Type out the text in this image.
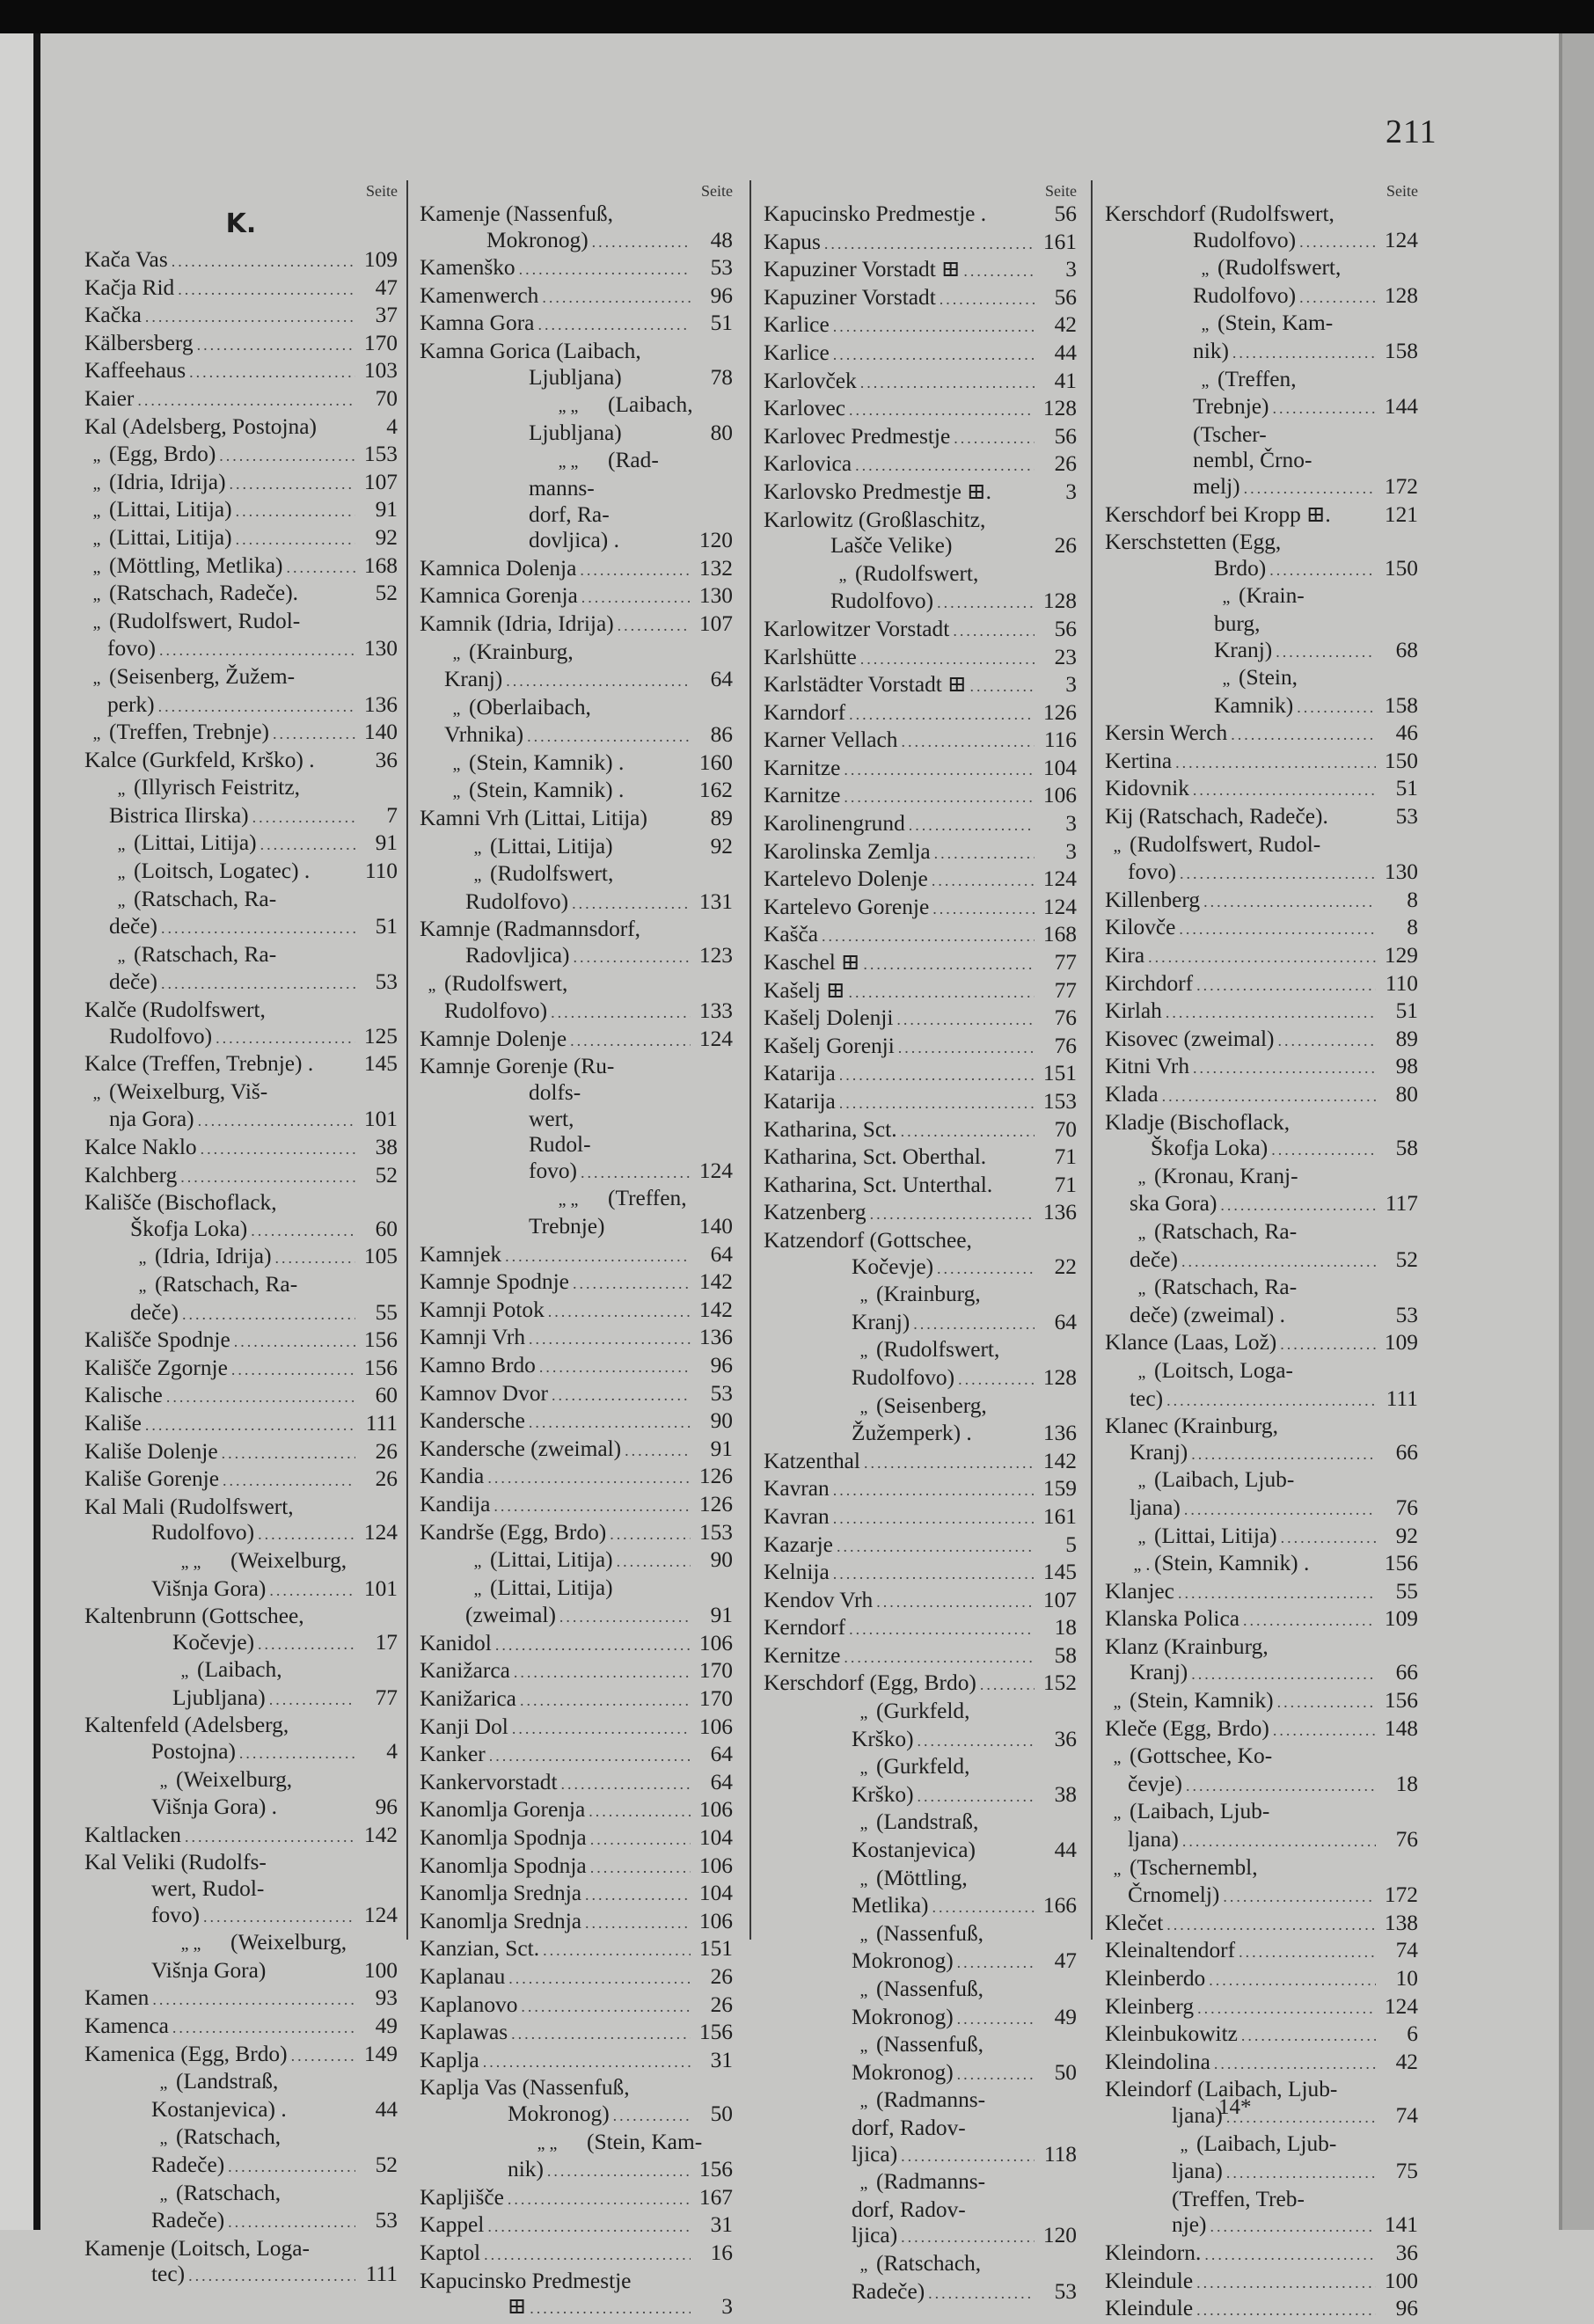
211
Seite
K.
Kača Vas .....	109
Kačja Rid .....	47
Kačka .....	37
Kälbersberg .....	170
Kaffeehaus .....	103
Kaier .....	70
Kal (Adelsberg, Postojna)	4
„ (Egg, Brdo) .....	153
„ (Idria, Idrija) .....	107
„ (Littai, Litija) .....	91
„ (Littai, Litija) .....	92
„ (Möttling, Metlika) .....	168
„ (Ratschach, Radeče).	52
„ (Rudolfswert, Rudol-
fovo) .....	130
„ (Seisenberg, Žužem-
perk) .....	136
„ (Treffen, Trebnje) .....	140
Kalce (Gurkfeld, Krško) .	36
„ (Illyrisch Feistritz,
Bistrica Ilirska) .....	7
„ (Littai, Litija) .....	91
„ (Loitsch, Logatec) . 110
„ (Ratschach, Ra-
deče) .....	51
„ (Ratschach, Ra-
deče) .....	53
Kalče (Rudolfswert,
Rudolfovo) .....	125
Kalce (Treffen, Trebnje) . 145
„ (Weixelburg, Viš-
nja Gora) .....	101
Kalce Naklo .....	38
Kalchberg .....	52
Kališče (Bischoflack,
Škofja Loka) .....	60
„ (Idria, Idrija) .....	105
„ (Ratschach, Ra-
deče) .....	55
Kališče Spodnje .....	156
Kališče Zgornje .....	156
Kalische .....	60
Kališe .....	111
Kališe Dolenje .....	26
Kališe Gorenje .....	26
Kal Mali (Rudolfswert,
Rudolfovo) .....	124
„ „	(Weixelburg,
Višnja Gora) .....	101
Kaltenbrunn (Gottschee,
Kočevje) .....	17
„ (Laibach,
Ljubljana) .....	77
Kaltenfeld (Adelsberg,
Postojna) .....	4
„ (Weixelburg,
Višnja Gora) .	96
Kaltlacken .....	142
Kal Veliki (Rudolfs-
wert, Rudol-
fovo) .....	124
„ „	(Weixelburg,
Višnja Gora)	100
Kamen .....	93
Kamenca .....	49
Kamenica (Egg, Brdo) .....	149
„ (Landstraß,
Kostanjevica) .	44
„ (Ratschach,
Radeče) .....	52
„ (Ratschach,
Radeče) .....	53
Kamenje (Loitsch, Loga-
tec) .....	111
Seite
Kamenje (Nassenfuß,
Mokronog) .....	48
Kamenško .....	53
Kamenwerch .....	96
Kamna Gora .....	51
Kamna Gorica (Laibach,
Ljubljana)	78
„ „	(Laibach,
Ljubljana)	80
„ „	(Rad-
manns-
dorf, Ra-
dovljica) .	120
Kamnica Dolenja .....	132
Kamnica Gorenja .....	130
Kamnik (Idria, Idrija) .....	107
„ (Krainburg,
Kranj) .....	64
„ (Oberlaibach,
Vrhnika) .....	86
„ (Stein, Kamnik) .	160
„ (Stein, Kamnik) .	162
Kamni Vrh (Littai, Litija)	89
„ (Littai, Litija)	92
„ (Rudolfswert,
Rudolfovo) .....	131
Kamnje (Radmannsdorf,
Radovljica) .....	123
„ (Rudolfswert,
Rudolfovo) .....	133
Kamnje Dolenje .....	124
Kamnje Gorenje (Ru-
dolfs-
wert,
Rudol-
fovo) .....	124
„ „	(Treffen,
Trebnje)	140
Kamnjek .....	64
Kamnje Spodnje .....	142
Kamnji Potok .....	142
Kamnji Vrh .....	136
Kamno Brdo .....	96
Kamnov Dvor .....	53
Kandersche .....	90
Kandersche (zweimal) .....	91
Kandia .....	126
Kandija .....	126
Kandrše (Egg, Brdo) .....	153
„ (Littai, Litija) .....	90
„ (Littai, Litija)
(zweimal) .....	91
Kanidol .....	106
Kanižarca .....	170
Kanižarica .....	170
Kanji Dol .....	106
Kanker .....	64
Kankervorstadt .....	64
Kanomlja Gorenja .....	106
Kanomlja Spodnja .....	104
Kanomlja Spodnja .....	106
Kanomlja Srednja .....	104
Kanomlja Srednja .....	106
Kanzian, Sct. .....	151
Kaplanau .....	26
Kaplanovo .....	26
Kaplawas .....	156
Kaplja .....	31
Kaplja Vas (Nassenfuß,
Mokronog) .....	50
„ „	(Stein, Kam-
nik) .....	156
Kapljišče .....	167
Kappel .....	31
Kaptol .....	16
Kapucinsko Predmestje
⊞ .....	3
Seite
Kapucinsko Predmestje .	56
Kapus .....	161
Kapuziner Vorstadt ⊞ .....	3
Kapuziner Vorstadt .....	56
Karlice .....	42
Karlice .....	44
Karlovček .....	41
Karlovec .....	128
Karlovec Predmestje .....	56
Karlovica .....	26
Karlovsko Predmestje ⊞.	3
Karlowitz (Großlaschitz,
Lašče Velike)	26
„ (Rudolfswert,
Rudolfovo) .....	128
Karlowitzer Vorstadt .....	56
Karlshütte .....	23
Karlstädter Vorstadt ⊞ .....	3
Karndorf .....	126
Karner Vellach .....	116
Karnitze .....	104
Karnitze .....	106
Karolinengrund .....	3
Karolinska Zemlja .....	3
Kartelevo Dolenje .....	124
Kartelevo Gorenje .....	124
Kašča .....	168
Kaschel ⊞ .....	77
Kašelj ⊞ .....	77
Kašelj Dolenji .....	76
Kašelj Gorenji .....	76
Katarija .....	151
Katarija .....	153
Katharina, Sct. .....	70
Katharina, Sct. Oberthal.	71
Katharina, Sct. Unterthal.	71
Katzenberg .....	136
Katzendorf (Gottschee,
Kočevje) .....	22
„ (Krainburg,
Kranj) .....	64
„ (Rudolfswert,
Rudolfovo) .....	128
„ (Seisenberg,
Žužemperk) .	136
Katzenthal .....	142
Kavran .....	159
Kavran .....	161
Kazarje .....	5
Kelnija .....	145
Kendov Vrh .....	107
Kerndorf .....	18
Kernitze .....	58
Kerschdorf (Egg, Brdo) .....	152
„ (Gurkfeld,
Krško) .....	36
„ (Gurkfeld,
Krško) .....	38
„ (Landstraß,
Kostanjevica)	44
„ (Möttling,
Metlika) .....	166
„ (Nassenfuß,
Mokronog) .....	47
„ (Nassenfuß,
Mokronog) .....	49
„ (Nassenfuß,
Mokronog) .....	50
„ (Radmanns-
dorf, Radov-
ljica) .....	118
„ (Radmanns-
dorf, Radov-
ljica) .....	120
„ (Ratschach,
Radeče) .....	53
Seite
Kerschdorf (Rudolfswert,
Rudolfovo) .....	124
„ (Rudolfswert,
Rudolfovo) .....	128
„ (Stein, Kam-
nik) .....	158
„ (Treffen,
Trebnje) .....	144
(Tscher-
nembl, Črno-
melj) .....	172
Kerschdorf bei Kropp ⊞. 121
Kerschstetten (Egg,
Brdo) .....	150
„ (Krain-
burg,
Kranj) .....	68
„ (Stein,
Kamnik) .....	158
Kersin Werch .....	46
Kertina .....	150
Kidovnik .....	51
Kij (Ratschach, Radeče).	53
„ (Rudolfswert, Rudol-
fovo) .....	130
Killenberg .....	8
Kilovče .....	8
Kira .....	129
Kirchdorf .....	110
Kirlah .....	51
Kisovec (zweimal) .....	89
Kitni Vrh .....	98
Klada .....	80
Kladje (Bischoflack,
Škofja Loka) .....	58
„ (Kronau, Kranj-
ska Gora) .....	117
„ (Ratschach, Ra-
deče) .....	52
„ (Ratschach, Ra-
deče) (zweimal) .	53
Klance (Laas, Lož) .....	109
„ (Loitsch, Loga-
tec) .....	111
Klanec (Krainburg,
Kranj) .....	66
„ (Laibach, Ljub-
ljana) .....	76
„ (Littai, Litija) .....	92
„ . (Stein, Kamnik) .	156
Klanjec .....	55
Klanska Polica .....	109
Klanz (Krainburg,
Kranj) .....	66
„ (Stein, Kamnik) .....	156
Kleče (Egg, Brdo) .....	148
„ (Gottschee, Ko-
čevje) .....	18
„ (Laibach, Ljub-
ljana) .....	76
„ (Tschernembl,
Črnomelj) .....	172
Klečet .....	138
Kleinaltendorf .....	74
Kleinberdo .....	10
Kleinberg .....	124
Kleinbukowitz .....	6
Kleindolina .....	42
Kleindorf (Laibach, Ljub-
ljana) .....	74
„ (Laibach, Ljub-
ljana) .....	75
(Treffen, Treb-
nje) .....	141
Kleindorn. .....	36
Kleindule .....	100
Kleindule .....	96
14*
